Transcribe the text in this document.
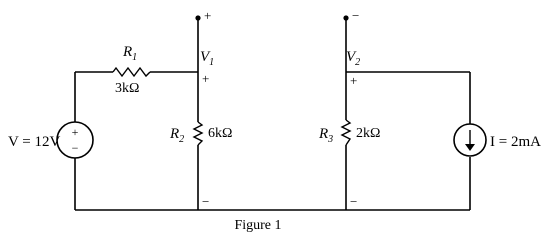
+
−
$V_1$	$V_2$
$R_1$
$R_2$	$R_3$
3kΩ
6kΩ	2kΩ
V = 12V	I = 2mA
+
+
−
−
+
−
Figure 1
